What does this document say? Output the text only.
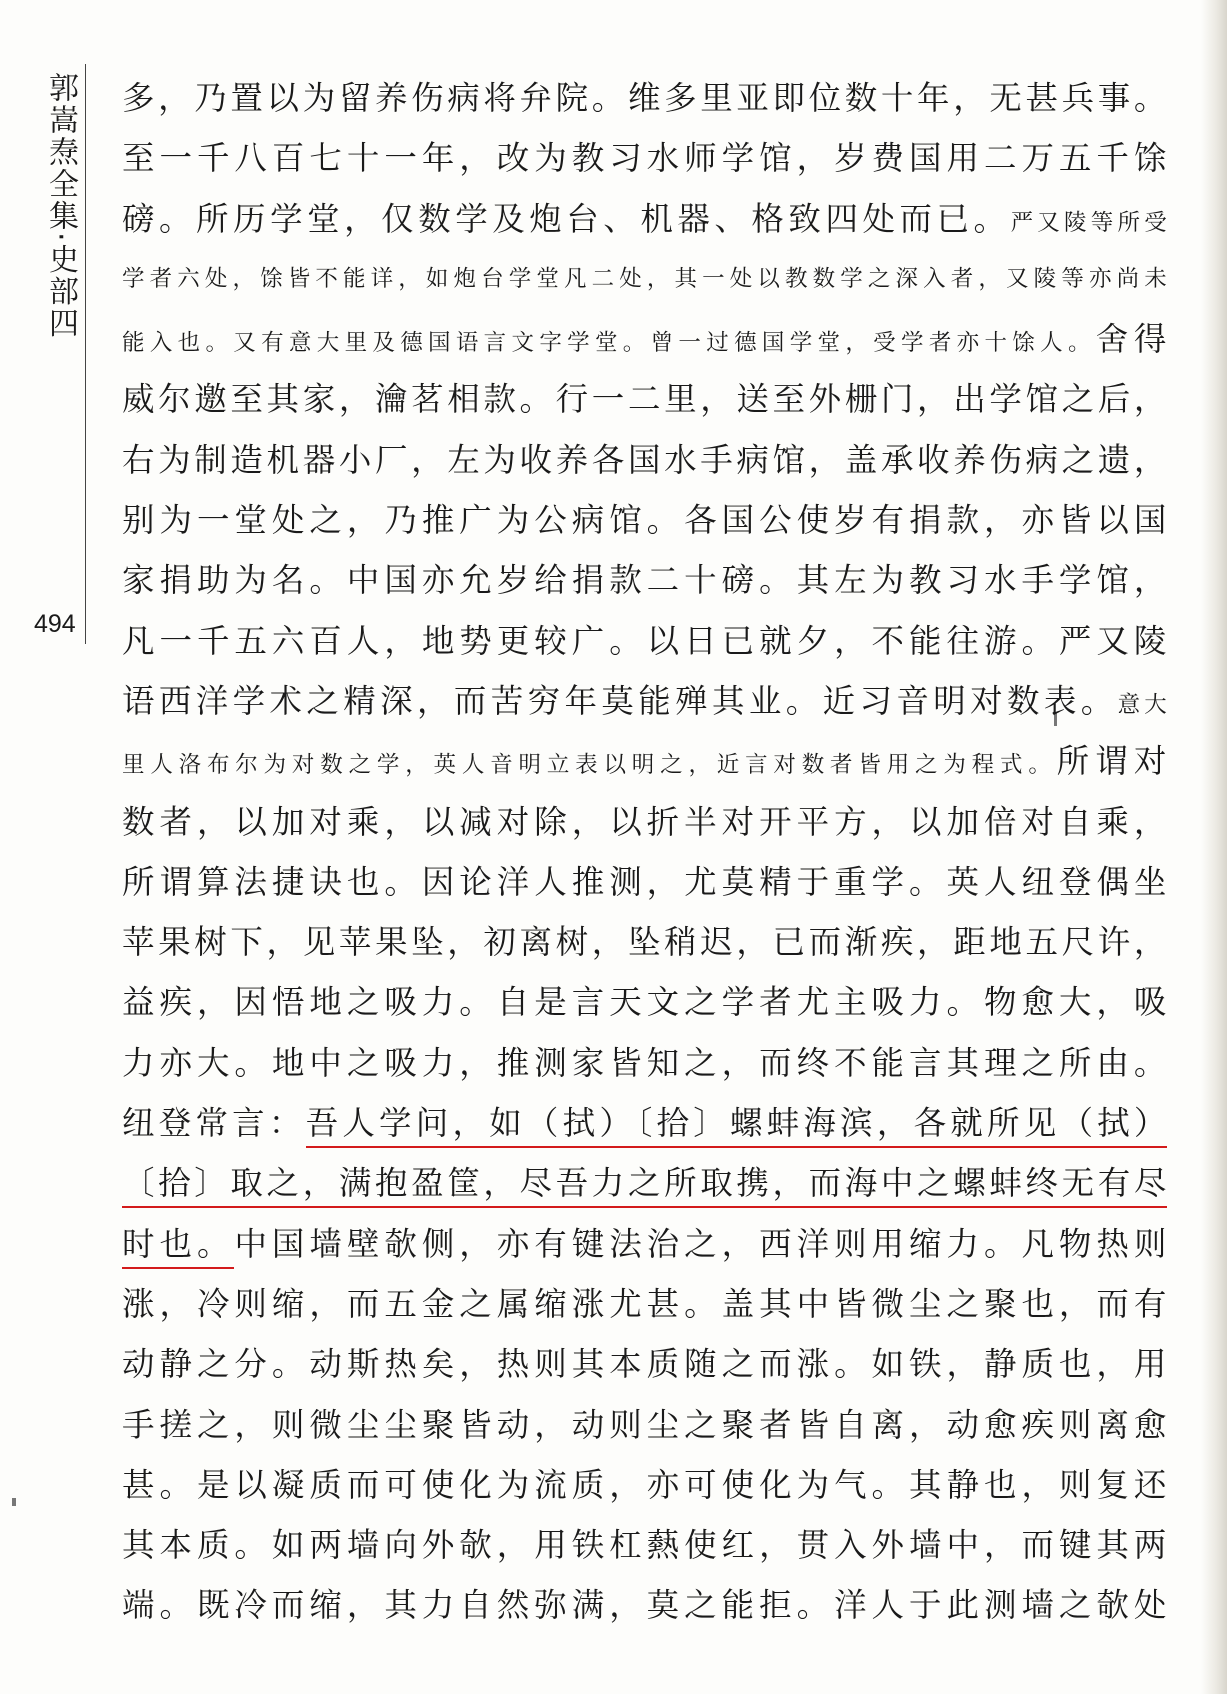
郭嵩焘全集·史部四
494
多，乃置以为留养伤病将弁院。维多里亚即位数十年，无甚兵事。
至一千八百七十一年，改为教习水师学馆，岁费国用二万五千馀
磅。所历学堂，仅数学及炮台、机器、格致四处而已。严又陵等所受
学者六处，馀皆不能详，如炮台学堂凡二处，其一处以教数学之深入者，又陵等亦尚未
能入也。又有意大里及德国语言文字学堂。曾一过德国学堂，受学者亦十馀人。舍得
威尔邀至其家，瀹茗相款。行一二里，送至外栅门，出学馆之后，
右为制造机器小厂，左为收养各国水手病馆，盖承收养伤病之遗，
别为一堂处之，乃推广为公病馆。各国公使岁有捐款，亦皆以国
家捐助为名。中国亦允岁给捐款二十磅。其左为教习水手学馆，
凡一千五六百人，地势更较广。以日已就夕，不能往游。严又陵
语西洋学术之精深，而苦穷年莫能殚其业。近习音明对数表。意大
里人洛布尔为对数之学，英人音明立表以明之，近言对数者皆用之为程式。所谓对
数者，以加对乘，以减对除，以折半对开平方，以加倍对自乘，
所谓算法捷诀也。因论洋人推测，尤莫精于重学。英人纽登偶坐
苹果树下，见苹果坠，初离树，坠稍迟，已而渐疾，距地五尺许，
益疾，因悟地之吸力。自是言天文之学者尤主吸力。物愈大，吸
力亦大。地中之吸力，推测家皆知之，而终不能言其理之所由。
纽登常言：吾人学问，如（拭）〔拾〕螺蚌海滨，各就所见（拭）
〔拾〕取之，满抱盈筐，尽吾力之所取携，而海中之螺蚌终无有尽
时也。中国墙壁欹侧，亦有键法治之，西洋则用缩力。凡物热则
涨，冷则缩，而五金之属缩涨尤甚。盖其中皆微尘之聚也，而有
动静之分。动斯热矣，热则其本质随之而涨。如铁，静质也，用
手搓之，则微尘尘聚皆动，动则尘之聚者皆自离，动愈疾则离愈
甚。是以凝质而可使化为流质，亦可使化为气。其静也，则复还
其本质。如两墙向外欹，用铁杠爇使红，贯入外墙中，而键其两
端。既冷而缩，其力自然弥满，莫之能拒。洋人于此测墙之欹处
